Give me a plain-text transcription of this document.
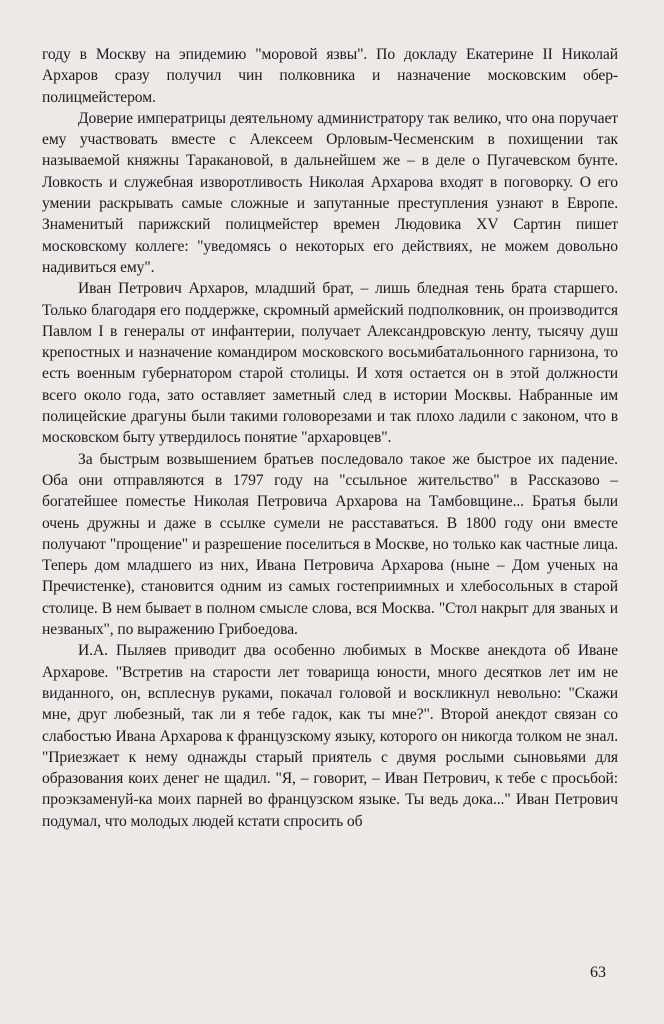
году в Москву на эпидемию "моровой язвы". По докладу Екатерине II Николай Архаров сразу получил чин полковника и назначение московским обер-полицмейстером.

Доверие императрицы деятельному администратору так велико, что она поручает ему участвовать вместе с Алексеем Орловым-Чесменским в похищении так называемой княжны Таракановой, в дальнейшем же – в деле о Пугачевском бунте. Ловкость и служебная изворотливость Николая Архарова входят в поговорку. О его умении раскрывать самые сложные и запутанные преступления узнают в Европе. Знаменитый парижский полицмейстер времен Людовика XV Сартин пишет московскому коллеге: "уведомясь о некоторых его действиях, не можем довольно надивиться ему".

Иван Петрович Архаров, младший брат, – лишь бледная тень брата старшего. Только благодаря его поддержке, скромный армейский подполковник, он производится Павлом I в генералы от инфантерии, получает Александровскую ленту, тысячу душ крепостных и назначение командиром московского восьмибатальонного гарнизона, то есть военным губернатором старой столицы. И хотя остается он в этой должности всего около года, зато оставляет заметный след в истории Москвы. Набранные им полицейские драгуны были такими головорезами и так плохо ладили с законом, что в московском быту утвердилось понятие "архаровцев".

За быстрым возвышением братьев последовало такое же быстрое их падение. Оба они отправляются в 1797 году на "ссыльное жительство" в Рассказово – богатейшее поместье Николая Петровича Архарова на Тамбовщине... Братья были очень дружны и даже в ссылке сумели не расставаться. В 1800 году они вместе получают "прощение" и разрешение поселиться в Москве, но только как частные лица. Теперь дом младшего из них, Ивана Петровича Архарова (ныне – Дом ученых на Пречистенке), становится одним из самых гостеприимных и хлебосольных в старой столице. В нем бывает в полном смысле слова, вся Москва. "Стол накрыт для званых и незваных", по выражению Грибоедова.

И.А. Пыляев приводит два особенно любимых в Москве анекдота об Иване Архарове. "Встретив на старости лет товарища юности, много десятков лет им не виданного, он, всплеснув руками, покачал головой и воскликнул невольно: "Скажи мне, друг любезный, так ли я тебе гадок, как ты мне?". Второй анекдот связан со слабостью Ивана Архарова к французскому языку, которого он никогда толком не знал. "Приезжает к нему однажды старый приятель с двумя рослыми сыновьями для образования коих денег не щадил. "Я, – говорит, – Иван Петрович, к тебе с просьбой: проэкзаменуй-ка моих парней во французском языке. Ты ведь дока..." Иван Петрович подумал, что молодых людей кстати спросить об

63
